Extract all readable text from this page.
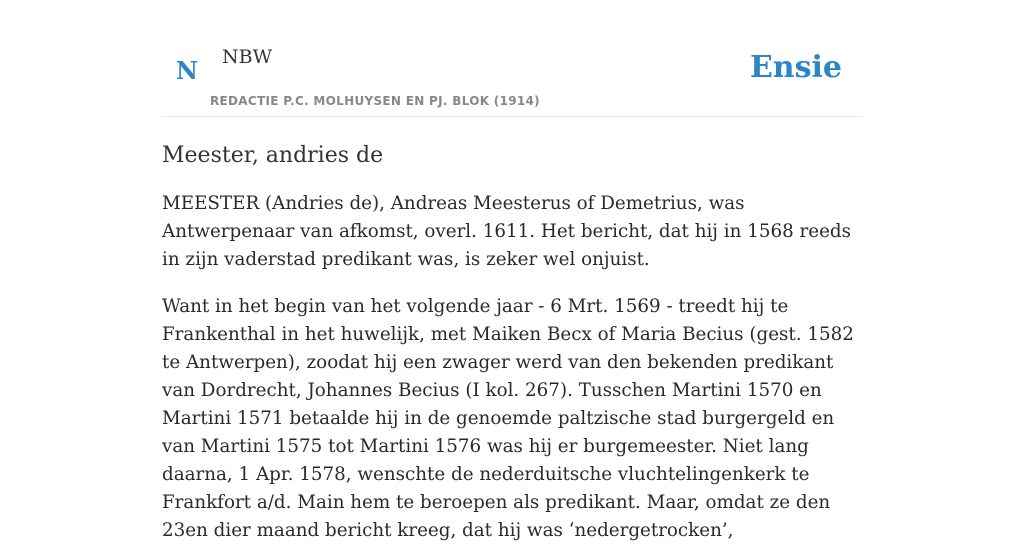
N NBW
REDACTIE P.C. MOLHUYSEN EN PJ. BLOK (1914)
Ensie
Meester, andries de

MEESTER (Andries de), Andreas Meesterus of Demetrius, was Antwerpenaar van afkomst, overl. 1611. Het bericht, dat hij in 1568 reeds in zijn vaderstad predikant was, is zeker wel onjuist.

Want in het begin van het volgende jaar - 6 Mrt. 1569 - treedt hij te Frankenthal in het huwelijk, met Maiken Becx of Maria Becius (gest. 1582 te Antwerpen), zoodat hij een zwager werd van den bekenden predikant van Dordrecht, Johannes Becius (I kol. 267). Tusschen Martini 1570 en Martini 1571 betaalde hij in de genoemde paltzische stad burgergeld en van Martini 1575 tot Martini 1576 was hij er burgemeester. Niet lang daarna, 1 Apr. 1578, wenschte de nederduitsche vluchtelingenkerk te Frankfort a/d. Main hem te beroepen als predikant. Maar, omdat ze den 23en dier maand bericht kreeg, dat hij was ‘nedergetrocken’,
